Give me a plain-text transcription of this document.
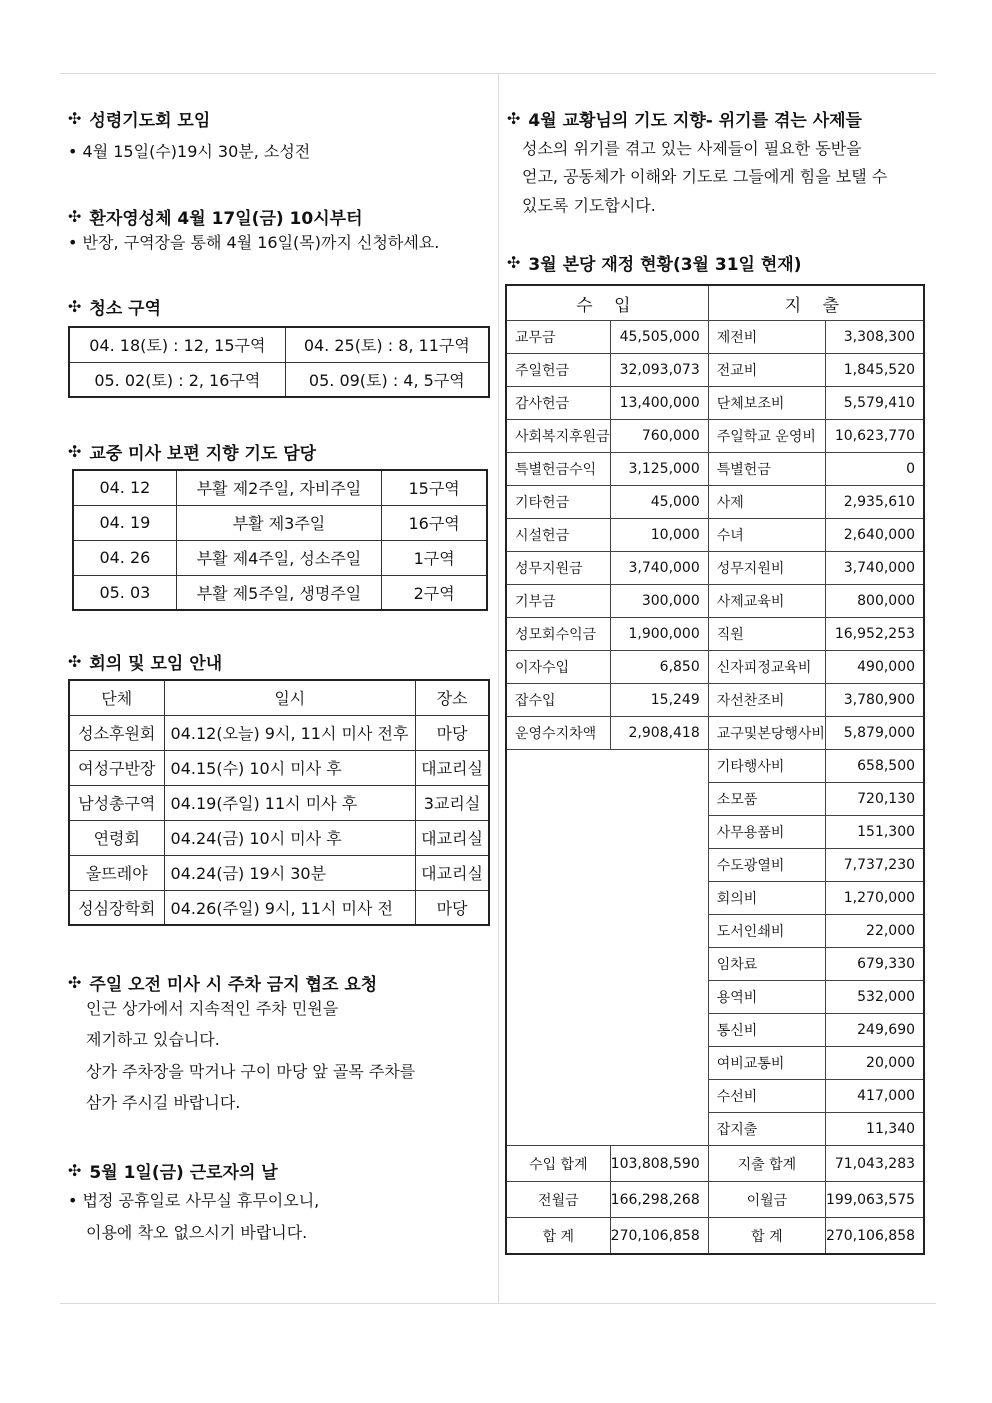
✣ 성령기도회 모임
• 4월 15일(수)19시 30분, 소성전
✣ 환자영성체 4월 17일(금) 10시부터
• 반장, 구역장을 통해 4월 16일(목)까지 신청하세요.
✣ 청소 구역
04. 18(토) : 12, 15구역	04. 25(토) : 8, 11구역
05. 02(토) : 2, 16구역	05. 09(토) : 4, 5구역
✣ 교중 미사 보편 지향 기도 담당
04. 12	부활 제2주일, 자비주일	15구역
04. 19	부활 제3주일	16구역
04. 26	부활 제4주일, 성소주일	1구역
05. 03	부활 제5주일, 생명주일	2구역
✣ 회의 및 모임 안내
단체	일시	장소
성소후원회	04.12(오늘) 9시, 11시 미사 전후	마당
여성구반장	04.15(수) 10시 미사 후	대교리실
남성총구역	04.19(주일) 11시 미사 후	3교리실
연령회	04.24(금) 10시 미사 후	대교리실
울뜨레야	04.24(금) 19시 30분	대교리실
성심장학회	04.26(주일) 9시, 11시 미사 전	마당
✣ 주일 오전 미사 시 주차 금지 협조 요청
인근 상가에서 지속적인 주차 민원을
제기하고 있습니다.
상가 주차장을 막거나 구이 마당 앞 골목 주차를
삼가 주시길 바랍니다.
✣ 5월 1일(금) 근로자의 날
• 법정 공휴일로 사무실 휴무이오니,
이용에 착오 없으시기 바랍니다.
✣ 4월 교황님의 기도 지향- 위기를 겪는 사제들
성소의 위기를 겪고 있는 사제들이 필요한 동반을
얻고, 공동체가 이해와 기도로 그들에게 힘을 보탤 수
있도록 기도합시다.
✣ 3월 본당 재정 현황(3월 31일 현재)
수 입		지 출	
교무금	45,505,000	제전비	3,308,300
주일헌금	32,093,073	전교비	1,845,520
감사헌금	13,400,000	단체보조비	5,579,410
사회복지후원금	760,000	주일학교 운영비	10,623,770
특별헌금수익	3,125,000	특별헌금	0
기타헌금	45,000	사제	2,935,610
시설헌금	10,000	수녀	2,640,000
성무지원금	3,740,000	성무지원비	3,740,000
기부금	300,000	사제교육비	800,000
성모회수익금	1,900,000	직원	16,952,253
이자수입	6,850	신자피정교육비	490,000
잡수입	15,249	자선찬조비	3,780,900
운영수지차액	2,908,418	교구및본당행사비	5,879,000
		기타행사비	658,500
		소모품	720,130
		사무용품비	151,300
		수도광열비	7,737,230
		회의비	1,270,000
		도서인쇄비	22,000
		임차료	679,330
		용역비	532,000
		통신비	249,690
		여비교통비	20,000
		수선비	417,000
		잡지출	11,340
수입 합계	103,808,590	지출 합계	71,043,283
전월금	166,298,268	이월금	199,063,575
합 계	270,106,858	합 계	270,106,858
